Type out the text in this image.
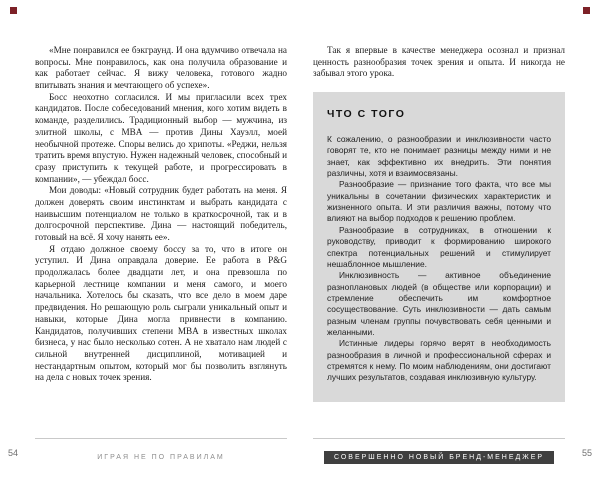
«Мне понравился ее бэкграунд. И она вдумчиво отвечала на вопросы. Мне понравилось, как она получила образование и как работает сейчас. Я вижу человека, готового жадно впитывать знания и мечтающего об успехе».

Босс неохотно согласился. И мы пригласили всех трех кандидатов. После собеседований мнения, кого хотим видеть в команде, разделились. Традиционный выбор — мужчина, из элитной школы, с MBA — против Дины Хауэлл, моей необычной протеже. Споры велись до хрипоты. «Реджи, нельзя тратить время впустую. Нужен надежный человек, способный и сразу приступить к текущей работе, и прогрессировать в компании», — убеждал босс.

Мои доводы: «Новый сотрудник будет работать на меня. Я должен доверять своим инстинктам и выбрать кандидата с наивысшим потенциалом не только в краткосрочной, так и в долгосрочной перспективе. Дина — настоящий победитель, готовый на всё. Я хочу нанять ее».

Я отдаю должное своему боссу за то, что в итоге он уступил. И Дина оправдала доверие. Ее работа в P&G продолжалась более двадцати лет, и она превзошла по карьерной лестнице компании и меня самого, и моего начальника. Хотелось бы сказать, что все дело в моем даре предвидения. Но решающую роль сыграли уникальный опыт и навыки, которые Дина могла привнести в компанию. Кандидатов, получивших степени MBA в известных школах бизнеса, у нас было несколько сотен. А не хватало нам людей с сильной внутренней дисциплиной, мотивацией и нестандартным опытом, который мог бы позволить взглянуть на дела с новых точек зрения.

ИГРАЯ НЕ ПО ПРАВИЛАМ
54

Так я впервые в качестве менеджера осознал и признал ценность разнообразия точек зрения и опыта. И никогда не забывал этого урока.

ЧТО С ТОГО

К сожалению, о разнообразии и инклюзивности часто говорят те, кто не понимает разницы между ними и не знает, как эффективно их внедрить. Эти понятия различны, хотя и взаимосвязаны.

Разнообразие — признание того факта, что все мы уникальны в сочетании физических характеристик и жизненного опыта. И эти различия важны, потому что влияют на выбор подходов к решению проблем.

Разнообразие в сотрудниках, в отношении к руководству, приводит к формированию широкого спектра потенциальных решений и стимулирует нешаблонное мышление.

Инклюзивность — активное объединение разноплановых людей (в обществе или корпорации) и стремление обеспечить им комфортное сосуществование. Суть инклюзивности — дать самым разным членам группы почувствовать себя ценными и желанными.

Истинные лидеры горячо верят в необходимость разнообразия в личной и профессиональной сферах и стремятся к нему. По моим наблюдениям, они достигают лучших результатов, создавая инклюзивную культуру.

СОВЕРШЕННО НОВЫЙ БРЕНД-МЕНЕДЖЕР	55
